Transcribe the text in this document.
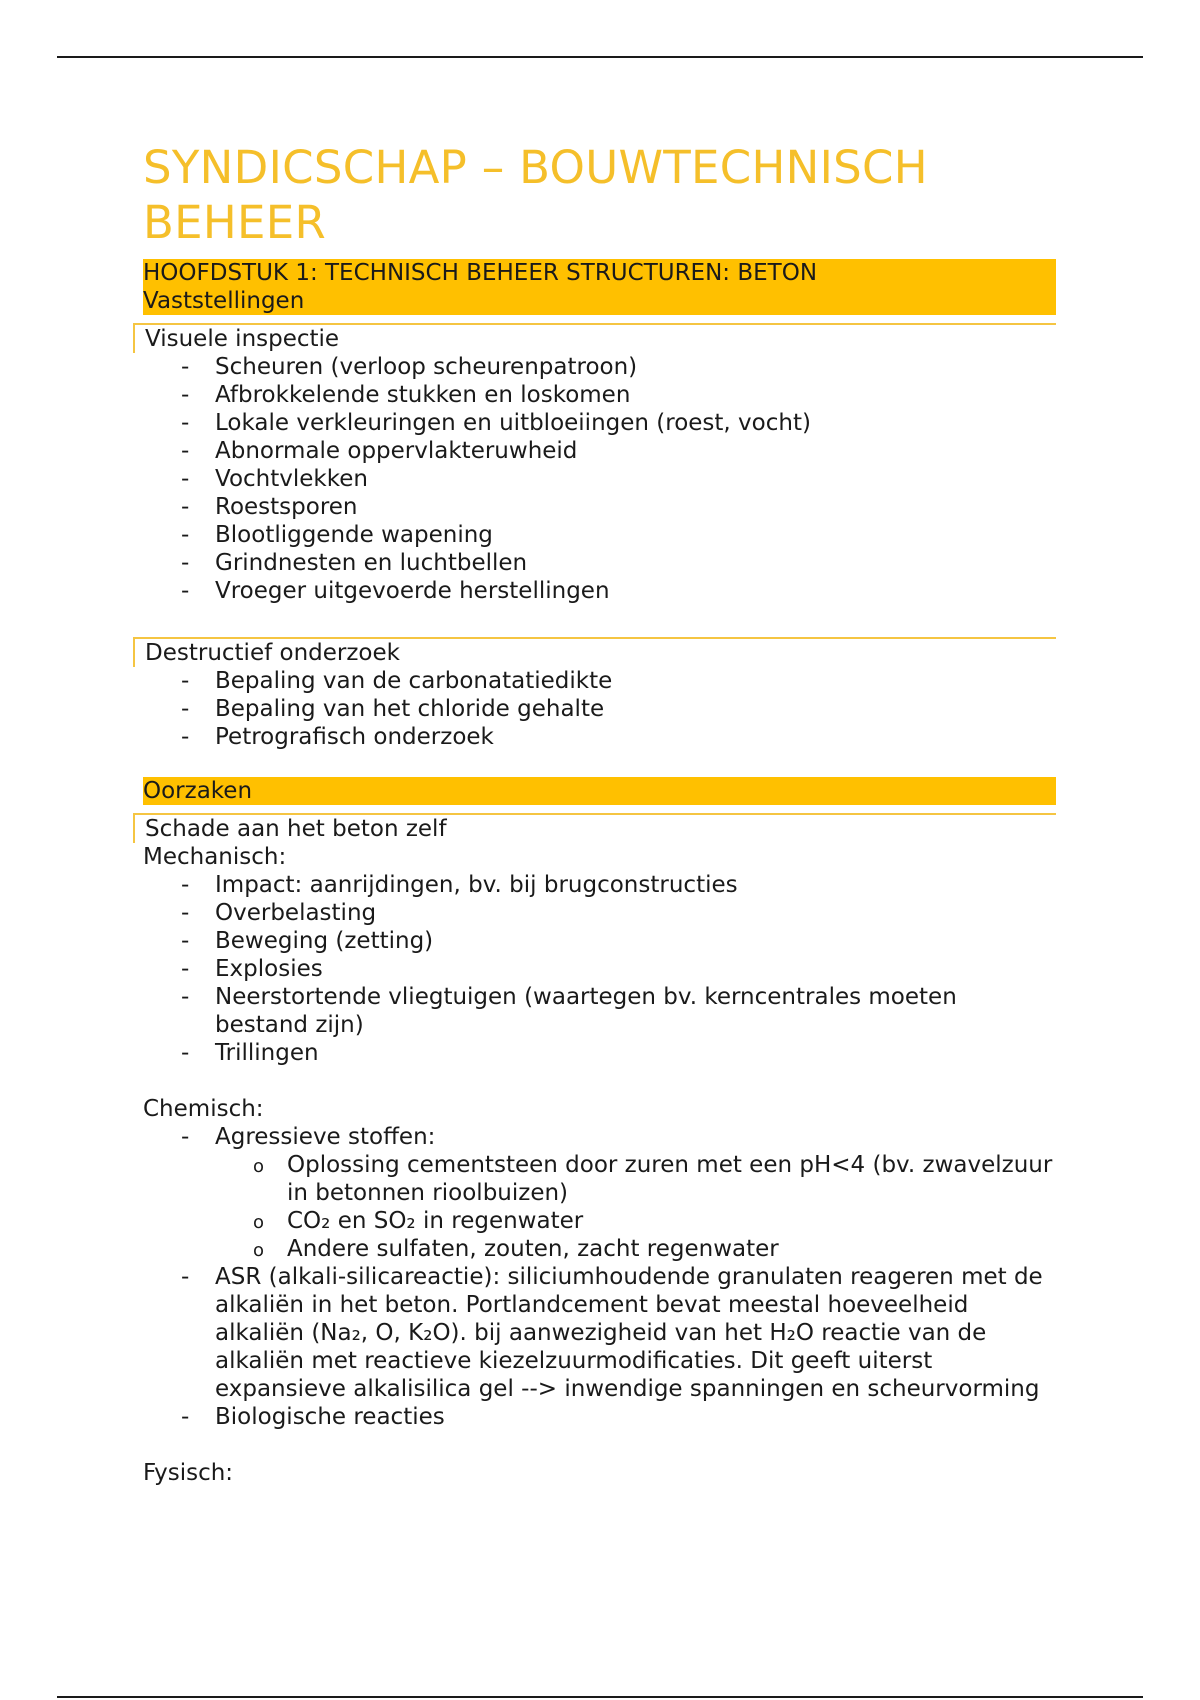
SYNDICSCHAP – BOUWTECHNISCH BEHEER
HOOFDSTUK 1: TECHNISCH BEHEER STRUCTUREN: BETON
Vaststellingen
Visuele inspectie
- Scheuren (verloop scheurenpatroon)
- Afbrokkelende stukken en loskomen
- Lokale verkleuringen en uitbloeiingen (roest, vocht)
- Abnormale oppervlakteruwheid
- Vochtvlekken
- Roestsporen
- Blootliggende wapening
- Grindnesten en luchtbellen
- Vroeger uitgevoerde herstellingen
Destructief onderzoek
- Bepaling van de carbonatatiedikte
- Bepaling van het chloride gehalte
- Petrografisch onderzoek
Oorzaken
Schade aan het beton zelf
Mechanisch:
- Impact: aanrijdingen, bv. bij brugconstructies
- Overbelasting
- Beweging (zetting)
- Explosies
- Neerstortende vliegtuigen (waartegen bv. kerncentrales moeten bestand zijn)
- Trillingen
Chemisch:
- Agressieve stoffen:
o Oplossing cementsteen door zuren met een pH<4 (bv. zwavelzuur in betonnen rioolbuizen)
o CO₂ en SO₂ in regenwater
o Andere sulfaten, zouten, zacht regenwater
- ASR (alkali-silicareactie): siliciumhoudende granulaten reageren met de alkaliën in het beton. Portlandcement bevat meestal hoeveelheid alkaliën (Na₂, O, K₂O). bij aanwezigheid van het H₂O reactie van de alkaliën met reactieve kiezelzuurmodificaties. Dit geeft uiterst expansieve alkalisilica gel --> inwendige spanningen en scheurvorming
- Biologische reacties
Fysisch:
